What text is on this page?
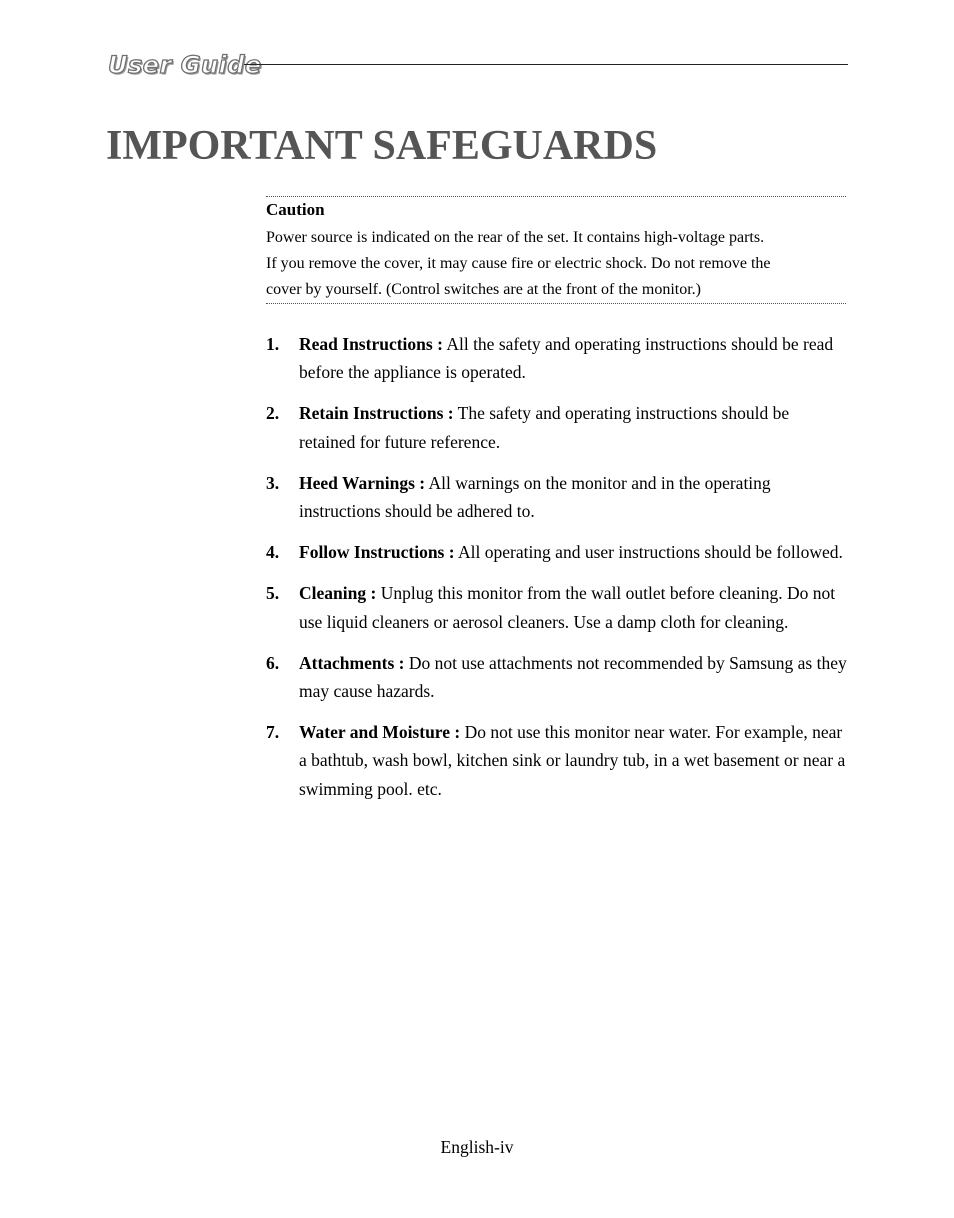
User Guide
IMPORTANT SAFEGUARDS
Caution
Power source is indicated on the rear of the set. It contains high-voltage parts.
If you remove the cover, it may cause fire or electric shock. Do not remove the
cover by yourself. (Control switches are at the front of the monitor.)
1. Read Instructions : All the safety and operating instructions should be read before the appliance is operated.
2. Retain Instructions : The safety and operating instructions should be retained for future reference.
3. Heed Warnings : All warnings on the monitor and in the operating instructions should be adhered to.
4. Follow Instructions : All operating and user instructions should be followed.
5. Cleaning : Unplug this monitor from the wall outlet before cleaning. Do not use liquid cleaners or aerosol cleaners. Use a damp cloth for cleaning.
6. Attachments : Do not use attachments not recommended by Samsung as they may cause hazards.
7. Water and Moisture : Do not use this monitor near water. For example, near a bathtub, wash bowl, kitchen sink or laundry tub, in a wet basement or near a swimming pool. etc.
English-iv
